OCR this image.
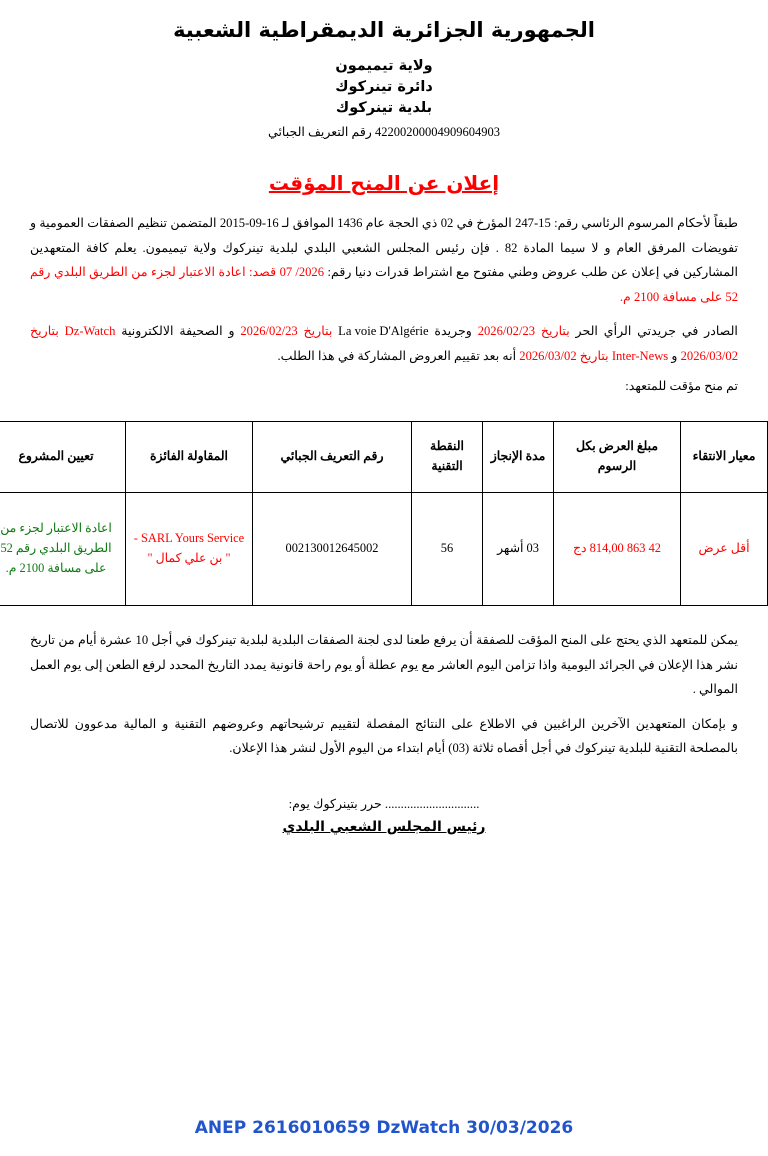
الجمهورية الجزائرية الديمقراطية الشعبية
ولاية تيميمون
دائرة تينركوك
بلدية تينركوك
42200200004909604903 رقم التعريف الجبائي
إعلان عن المنح المؤقت

طبقاً لأحكام المرسوم الرئاسي رقم: 15-247 المؤرخ في 02 ذي الحجة عام 1436 الموافق لـ 16-09-2015 المتضمن تنظيم الصفقات العمومية و تفويضات المرفق العام و لا سيما المادة 82 . فإن رئيس المجلس الشعبي البلدي لبلدية تينركوك ولاية تيميمون. يعلم كافة المتعهدين المشاركين في إعلان عن طلب عروض وطني مفتوح مع اشتراط قدرات دنيا رقم: 07 /2026 قصد: اعادة الاعتبار لجزء من الطريق البلدي رقم 52 على مسافة 2100 م.

الصادر في جريدتي الرأي الحر بتاريخ 2026/02/23 وجريدة La voie D'Algérie بتاريخ 2026/02/23 و الصحيفة الالكترونية Dz-Watch بتاريخ 2026/03/02 و Inter-News بتاريخ 2026/03/02 أنه بعد تقييم العروض المشاركة في هذا الطلب.

تم منح مؤقت للمتعهد:

معيار الانتقاء	مبلغ العرض بكل الرسوم	مدة الإنجاز	النقطة التقنية	رقم التعريف الجبائي	المقاولة الفائزة	تعيين المشروع
أقل عرض	42 863 814,00 دج	03 أشهر	56	002130012645002	SARL Yours Service - " بن علي كمال "	اعادة الاعتبار لجزء من الطريق البلدي رقم 52 على مسافة 2100 م.

يمكن للمتعهد الذي يحتج على المنح المؤقت للصفقة أن يرفع طعنا لدى لجنة الصفقات البلدية لبلدية تينركوك في أجل 10 عشرة أيام من تاريخ نشر هذا الإعلان في الجرائد اليومية واذا تزامن اليوم العاشر مع يوم عطلة أو يوم راحة قانونية يمدد التاريخ المحدد لرفع الطعن إلى يوم العمل الموالي .

و بإمكان المتعهدين الآخرين الراغبين في الاطلاع على النتائج المفصلة لتقييم ترشيحاتهم وعروضهم التقنية و المالية مدعوون للاتصال بالمصلحة التقنية للبلدية تينركوك في أجل أقصاه ثلاثة (03) أيام ابتداء من اليوم الأول لنشر هذا الإعلان.

.............................. حرر بتينركوك يوم:
رئيس المجلس الشعبي البلدي
ANEP 2616010659 DzWatch 30/03/2026
